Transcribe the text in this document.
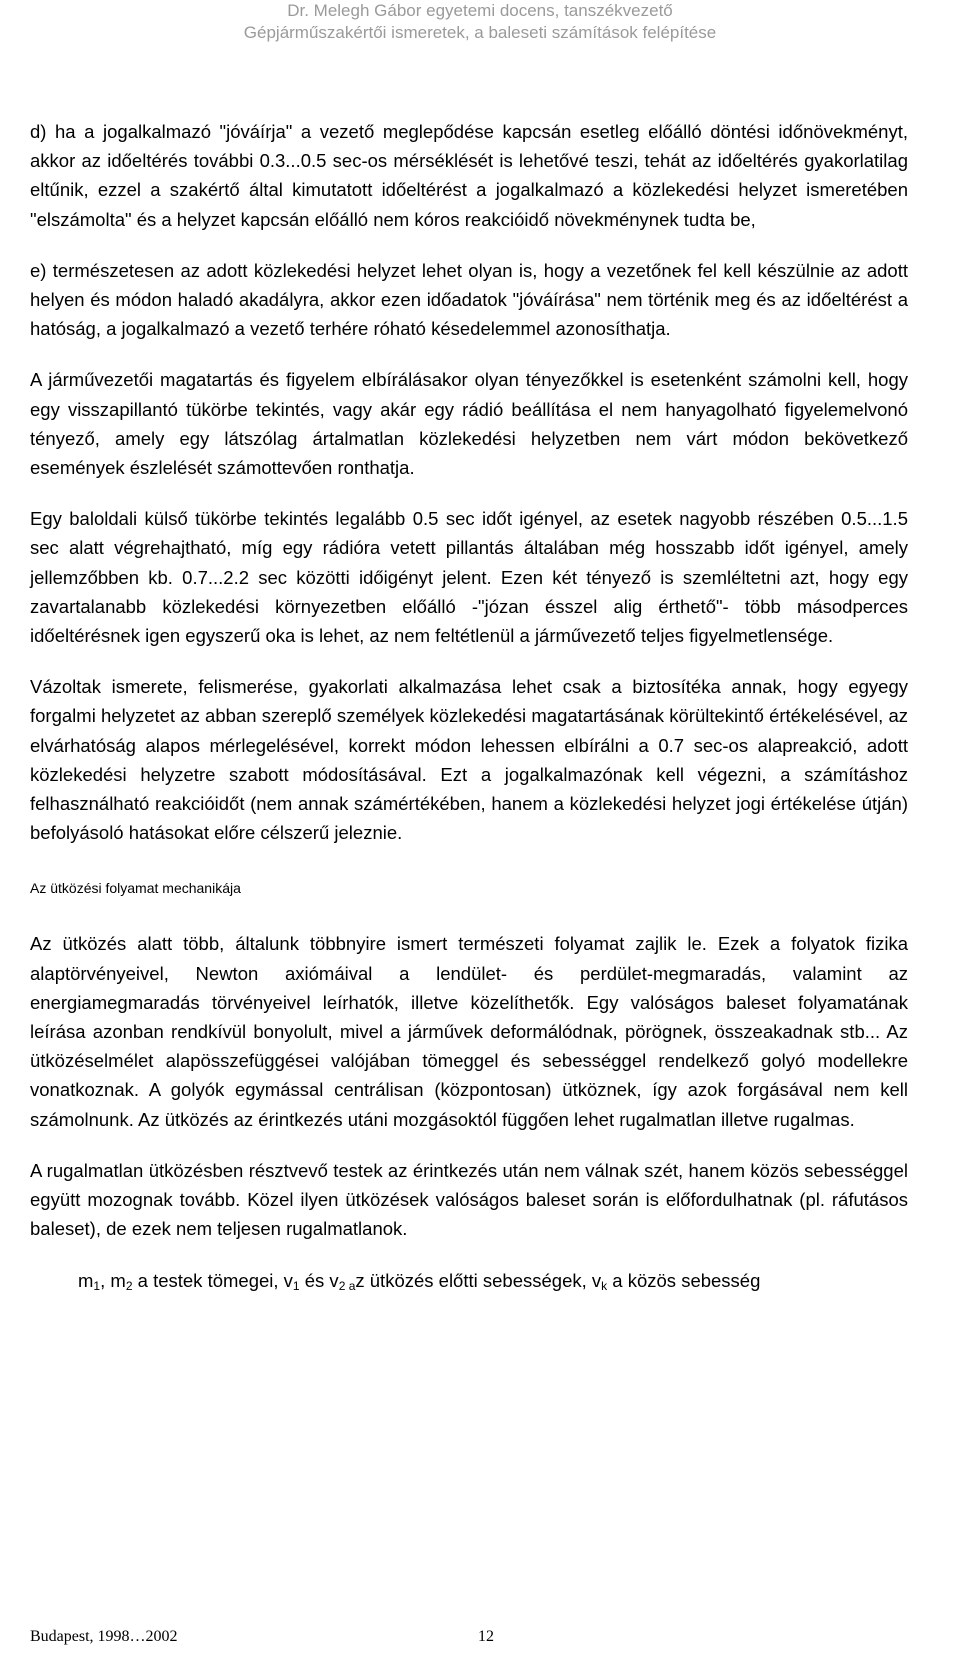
Dr. Melegh Gábor egyetemi docens, tanszékvezető
Gépjárműszakértői ismeretek, a baleseti számítások felépítése

d) ha a jogalkalmazó "jóváírja" a vezető meglepődése kapcsán esetleg előálló döntési időnövekményt, akkor az időeltérés további 0.3...0.5 sec-os mérséklését is lehetővé teszi, tehát az időeltérés gyakorlatilag eltűnik, ezzel a szakértő által kimutatott időeltérést a jogalkalmazó a közlekedési helyzet ismeretében "elszámolta" és a helyzet kapcsán előálló nem kóros reakcióidő növekménynek tudta be,

e) természetesen az adott közlekedési helyzet lehet olyan is, hogy a vezetőnek fel kell készülnie az adott helyen és módon haladó akadályra, akkor ezen időadatok "jóváírása" nem történik meg és az időeltérést a hatóság, a jogalkalmazó a vezető terhére róható késedelemmel azonosíthatja.

A járművezetői magatartás és figyelem elbírálásakor olyan tényezőkkel is esetenként számolni kell, hogy egy visszapillantó tükörbe tekintés, vagy akár egy rádió beállítása el nem hanyagolható figyelemelvonó tényező, amely egy látszólag ártalmatlan közlekedési helyzetben nem várt módon bekövetkező események észlelését számottevően ronthatja.

Egy baloldali külső tükörbe tekintés legalább 0.5 sec időt igényel, az esetek nagyobb részében 0.5...1.5 sec alatt végrehajtható, míg egy rádióra vetett pillantás általában még hosszabb időt igényel, amely jellemzőbben kb. 0.7...2.2 sec közötti időigényt jelent. Ezen két tényező is szemléltetni azt, hogy egy zavartalanabb közlekedési környezetben előálló -"józan ésszel alig érthető"- több másodperces időeltérésnek igen egyszerű oka is lehet, az nem feltétlenül a járművezető teljes figyelmetlensége.

Vázoltak ismerete, felismerése, gyakorlati alkalmazása lehet csak a biztosítéka annak, hogy egyegy forgalmi helyzetet az abban szereplő személyek közlekedési magatartásának körültekintő értékelésével, az elvárhatóság alapos mérlegelésével, korrekt módon lehessen elbírálni a 0.7 sec-os alapreakció, adott közlekedési helyzetre szabott módosításával. Ezt a jogalkalmazónak kell végezni, a számításhoz felhasználható reakcióidőt (nem annak számértékében, hanem a közlekedési helyzet jogi értékelése útján) befolyásoló hatásokat előre célszerű jeleznie.

Az ütközési folyamat mechanikája

Az ütközés alatt több, általunk többnyire ismert természeti folyamat zajlik le. Ezek a folyatok fizika alaptörvényeivel, Newton axiómáival a lendület- és perdület-megmaradás, valamint az energiamegmaradás törvényeivel leírhatók, illetve közelíthetők. Egy valóságos baleset folyamatának leírása azonban rendkívül bonyolult, mivel a járművek deformálódnak, pörögnek, összeakadnak stb... Az ütközéselmélet alapösszefüggései valójában tömeggel és sebességgel rendelkező golyó modellekre vonatkoznak. A golyók egymással centrálisan (központosan) ütköznek, így azok forgásával nem kell számolnunk. Az ütközés az érintkezés utáni mozgásoktól függően lehet rugalmatlan illetve rugalmas.

A rugalmatlan ütközésben résztvevő testek az érintkezés után nem válnak szét, hanem közös sebességgel együtt mozognak tovább. Közel ilyen ütközések valóságos baleset során is előfordulhatnak (pl. ráfutásos baleset), de ezek nem teljesen rugalmatlanok.

$m_1$, $m_2$ a testek tömegei, $v_1$ és $v_{2 a}z$ ütközés előtti sebességek, $v_k$ a közös sebesség

Budapest, 1998…2002	12
